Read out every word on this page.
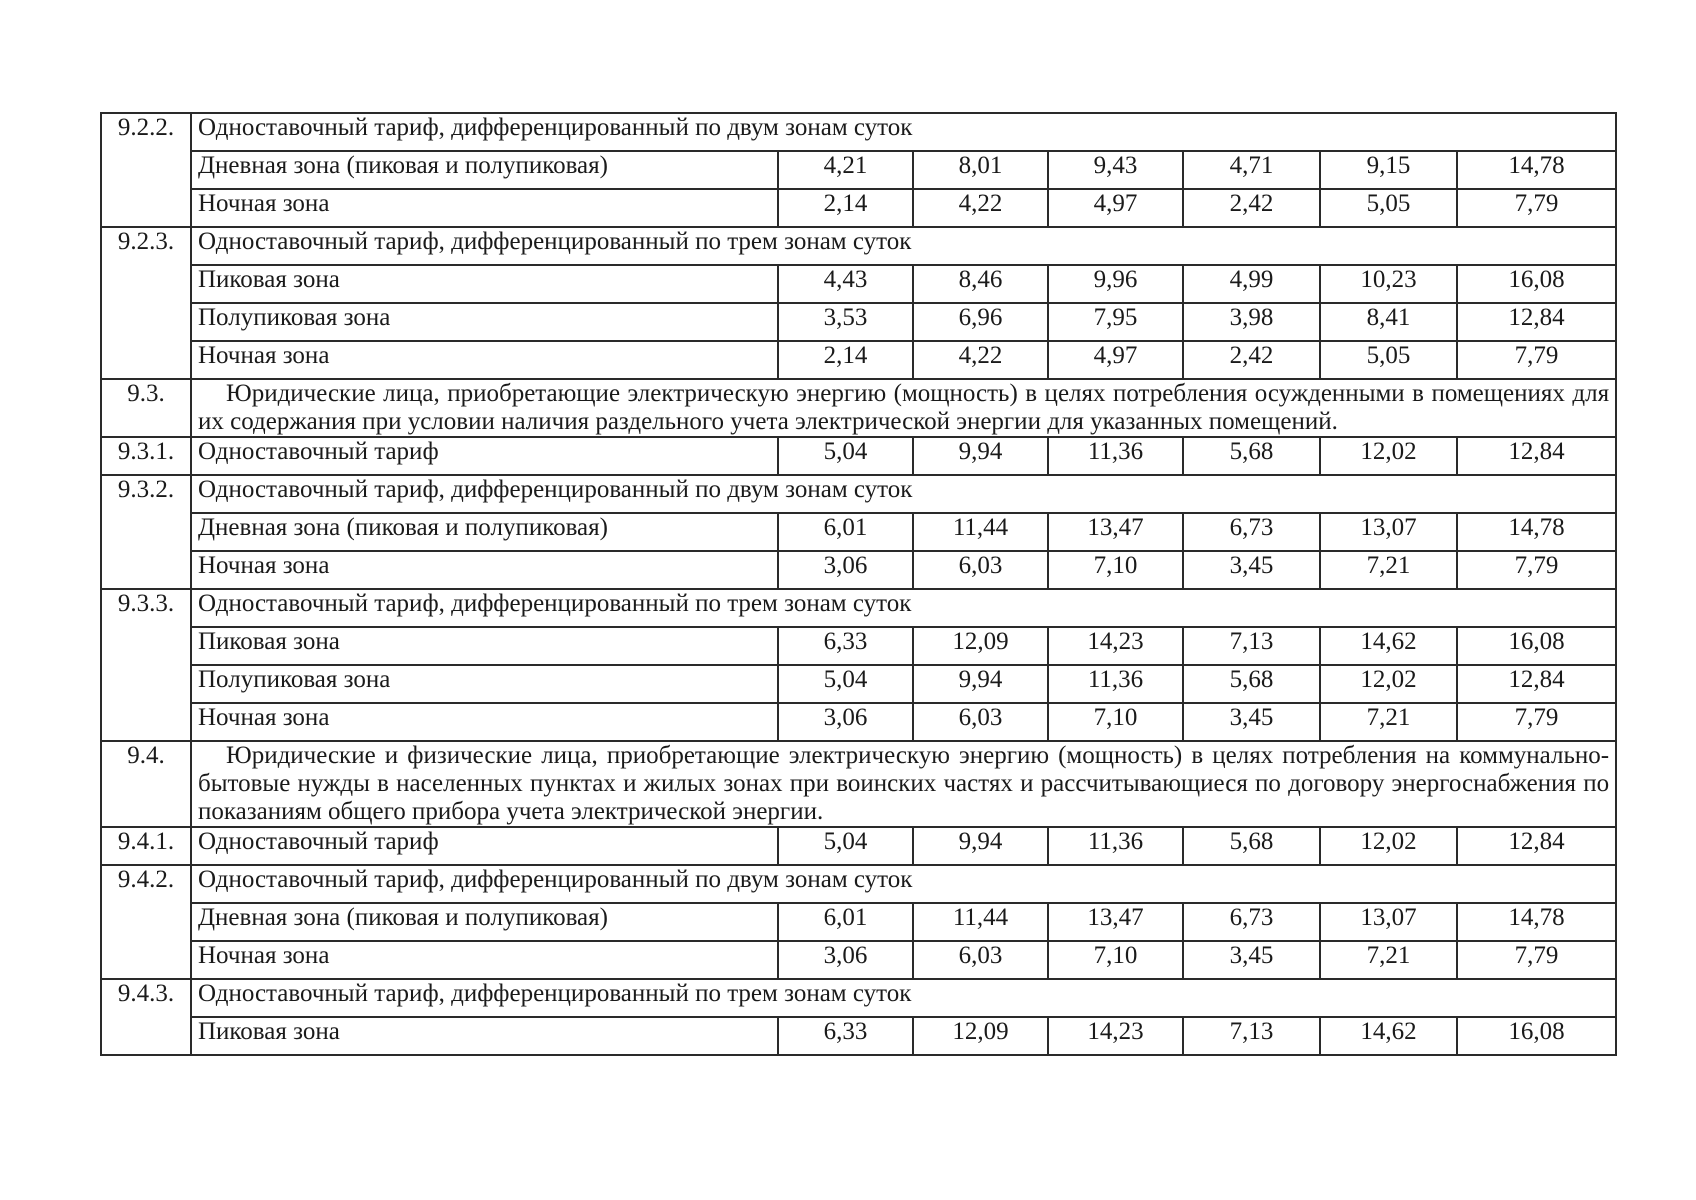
9.2.2.	Одноставочный тариф, дифференцированный по двум зонам суток						
	Дневная зона (пиковая и полупиковая)	4,21	8,01	9,43	4,71	9,15	14,78
	Ночная зона	2,14	4,22	4,97	2,42	5,05	7,79
9.2.3.	Одноставочный тариф, дифференцированный по трем зонам суток						
	Пиковая зона	4,43	8,46	9,96	4,99	10,23	16,08
	Полупиковая зона	3,53	6,96	7,95	3,98	8,41	12,84
	Ночная зона	2,14	4,22	4,97	2,42	5,05	7,79
9.3.	Юридические лица, приобретающие электрическую энергию (мощность) в целях потребления осужденными в помещениях для их содержания при условии наличия раздельного учета электрической энергии для указанных помещений.						
9.3.1.	Одноставочный тариф	5,04	9,94	11,36	5,68	12,02	12,84
9.3.2.	Одноставочный тариф, дифференцированный по двум зонам суток						
	Дневная зона (пиковая и полупиковая)	6,01	11,44	13,47	6,73	13,07	14,78
	Ночная зона	3,06	6,03	7,10	3,45	7,21	7,79
9.3.3.	Одноставочный тариф, дифференцированный по трем зонам суток						
	Пиковая зона	6,33	12,09	14,23	7,13	14,62	16,08
	Полупиковая зона	5,04	9,94	11,36	5,68	12,02	12,84
	Ночная зона	3,06	6,03	7,10	3,45	7,21	7,79
9.4.	Юридические и физические лица, приобретающие электрическую энергию (мощность) в целях потребления на коммунально-бытовые нужды в населенных пунктах и жилых зонах при воинских частях и рассчитывающиеся по договору энергоснабжения по показаниям общего прибора учета электрической энергии.						
9.4.1.	Одноставочный тариф	5,04	9,94	11,36	5,68	12,02	12,84
9.4.2.	Одноставочный тариф, дифференцированный по двум зонам суток						
	Дневная зона (пиковая и полупиковая)	6,01	11,44	13,47	6,73	13,07	14,78
	Ночная зона	3,06	6,03	7,10	3,45	7,21	7,79
9.4.3.	Одноставочный тариф, дифференцированный по трем зонам суток						
	Пиковая зона	6,33	12,09	14,23	7,13	14,62	16,08
